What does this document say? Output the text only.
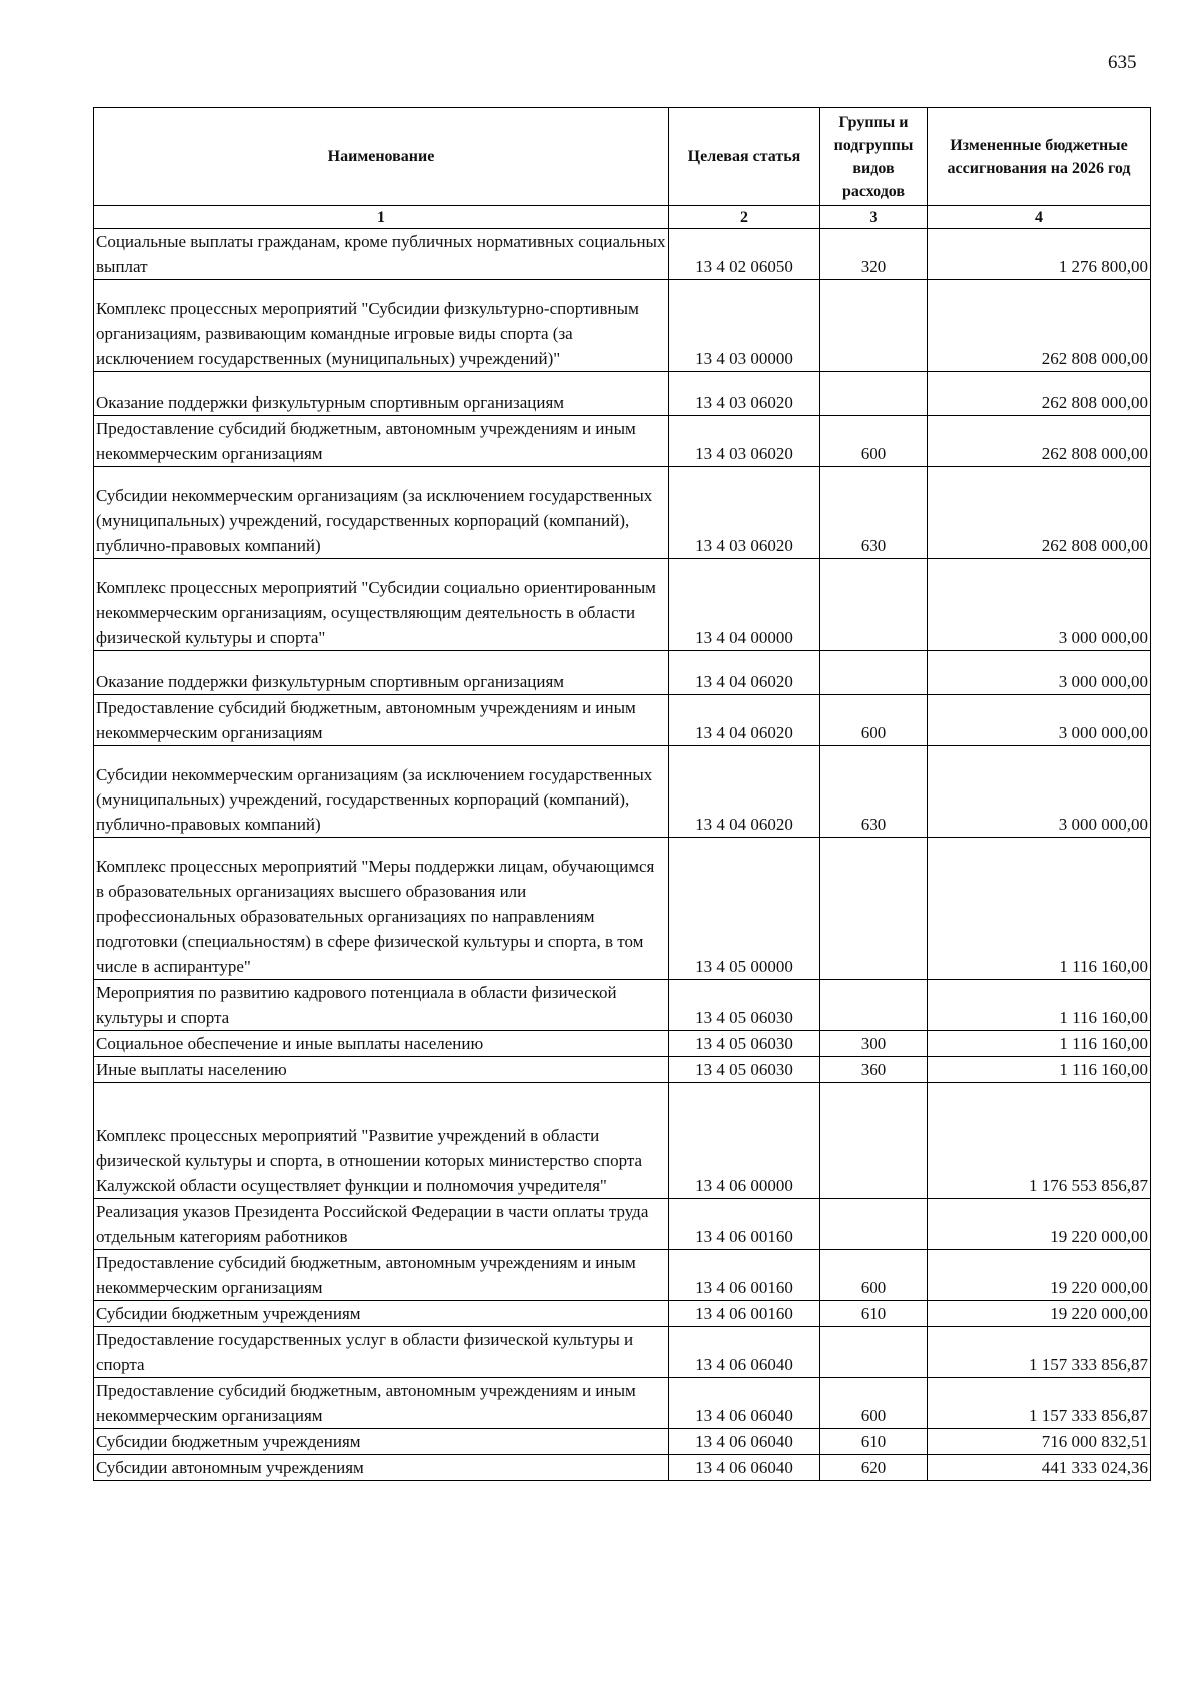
635
Наименование	Целевая статья	Группы и подгруппы видов расходов	Измененные бюджетные ассигнования на 2026 год
1	2	3	4
Социальные выплаты гражданам, кроме публичных нормативных социальных выплат	13 4 02 06050	320	1 276 800,00
Комплекс процессных мероприятий "Субсидии физкультурно-спортивным организациям, развивающим командные игровые виды спорта (за исключением государственных (муниципальных) учреждений)"	13 4 03 00000		262 808 000,00
Оказание поддержки физкультурным спортивным организациям	13 4 03 06020		262 808 000,00
Предоставление субсидий бюджетным, автономным учреждениям и иным некоммерческим организациям	13 4 03 06020	600	262 808 000,00
Субсидии некоммерческим организациям (за исключением государственных (муниципальных) учреждений, государственных корпораций (компаний), публично-правовых компаний)	13 4 03 06020	630	262 808 000,00
Комплекс процессных мероприятий "Субсидии социально ориентированным некоммерческим организациям, осуществляющим деятельность в области физической культуры и спорта"	13 4 04 00000		3 000 000,00
Оказание поддержки физкультурным спортивным организациям	13 4 04 06020		3 000 000,00
Предоставление субсидий бюджетным, автономным учреждениям и иным некоммерческим организациям	13 4 04 06020	600	3 000 000,00
Субсидии некоммерческим организациям (за исключением государственных (муниципальных) учреждений, государственных корпораций (компаний), публично-правовых компаний)	13 4 04 06020	630	3 000 000,00
Комплекс процессных мероприятий "Меры поддержки лицам, обучающимся в образовательных организациях высшего образования или профессиональных образовательных организациях по направлениям подготовки (специальностям) в сфере физической культуры и спорта, в том числе в аспирантуре"	13 4 05 00000		1 116 160,00
Мероприятия по развитию кадрового потенциала в области физической культуры и спорта	13 4 05 06030		1 116 160,00
Социальное обеспечение и иные выплаты населению	13 4 05 06030	300	1 116 160,00
Иные выплаты населению	13 4 05 06030	360	1 116 160,00
Комплекс процессных мероприятий "Развитие учреждений в области физической культуры и спорта, в отношении которых министерство спорта Калужской области осуществляет функции и полномочия учредителя"	13 4 06 00000		1 176 553 856,87
Реализация указов Президента Российской Федерации в части оплаты труда отдельным категориям работников	13 4 06 00160		19 220 000,00
Предоставление субсидий бюджетным, автономным учреждениям и иным некоммерческим организациям	13 4 06 00160	600	19 220 000,00
Субсидии бюджетным учреждениям	13 4 06 00160	610	19 220 000,00
Предоставление государственных услуг в области физической культуры и спорта	13 4 06 06040		1 157 333 856,87
Предоставление субсидий бюджетным, автономным учреждениям и иным некоммерческим организациям	13 4 06 06040	600	1 157 333 856,87
Субсидии бюджетным учреждениям	13 4 06 06040	610	716 000 832,51
Субсидии автономным учреждениям	13 4 06 06040	620	441 333 024,36
